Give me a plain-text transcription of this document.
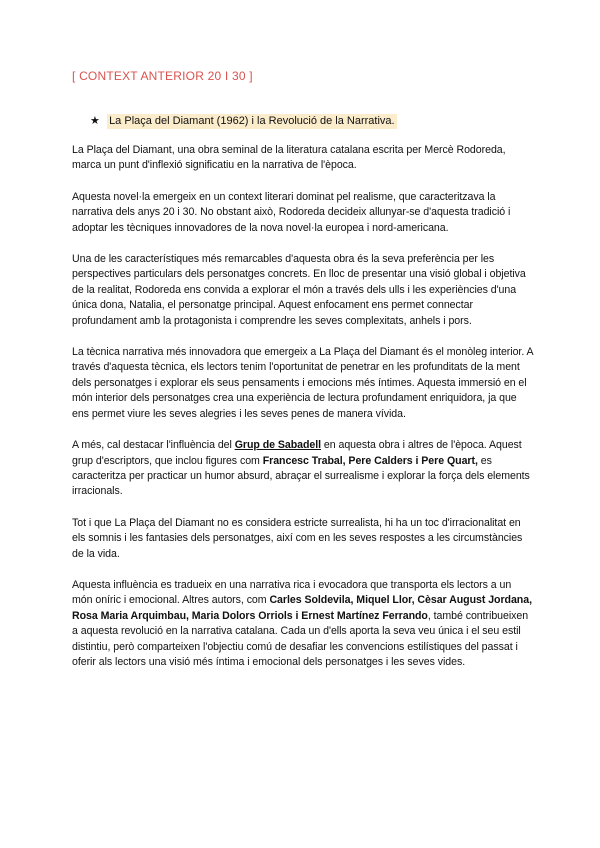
[ CONTEXT ANTERIOR 20 I 30 ]
★ La Plaça del Diamant (1962) i la Revolució de la Narrativa.

La Plaça del Diamant, una obra seminal de la literatura catalana escrita per Mercè Rodoreda, marca un punt d'inflexió significatiu en la narrativa de l'època.

Aquesta novel·la emergeix en un context literari dominat pel realisme, que caracteritzava la narrativa dels anys 20 i 30. No obstant això, Rodoreda decideix allunyar-se d'aquesta tradició i adoptar les tècniques innovadores de la nova novel·la europea i nord-americana.

Una de les característiques més remarcables d'aquesta obra és la seva preferència per les perspectives particulars dels personatges concrets. En lloc de presentar una visió global i objetiva de la realitat, Rodoreda ens convida a explorar el món a través dels ulls i les experiències d'una única dona, Natalia, el personatge principal. Aquest enfocament ens permet connectar profundament amb la protagonista i comprendre les seves complexitats, anhels i pors.

La tècnica narrativa més innovadora que emergeix a La Plaça del Diamant és el monòleg interior. A través d'aquesta tècnica, els lectors tenim l'oportunitat de penetrar en les profunditats de la ment dels personatges i explorar els seus pensaments i emocions més íntimes. Aquesta immersió en el món interior dels personatges crea una experiència de lectura profundament enriquidora, ja que ens permet viure les seves alegries i les seves penes de manera vívida.

A més, cal destacar l'influència del Grup de Sabadell en aquesta obra i altres de l'època. Aquest grup d'escriptors, que inclou figures com Francesc Trabal, Pere Calders i Pere Quart, es caracteritza per practicar un humor absurd, abraçar el surrealisme i explorar la força dels elements irracionals.

Tot i que La Plaça del Diamant no es considera estricte surrealista, hi ha un toc d'irracionalitat en els somnis i les fantasies dels personatges, així com en les seves respostes a les circumstàncies de la vida.

Aquesta influència es tradueix en una narrativa rica i evocadora que transporta els lectors a un món oníric i emocional. Altres autors, com Carles Soldevila, Miquel Llor, Cèsar August Jordana, Rosa Maria Arquimbau, Maria Dolors Orriols i Ernest Martínez Ferrando, també contribueixen a aquesta revolució en la narrativa catalana. Cada un d'ells aporta la seva veu única i el seu estil distintiu, però comparteixen l'objectiu comú de desafiar les convencions estilístiques del passat i oferir als lectors una visió més íntima i emocional dels personatges i les seves vides.
